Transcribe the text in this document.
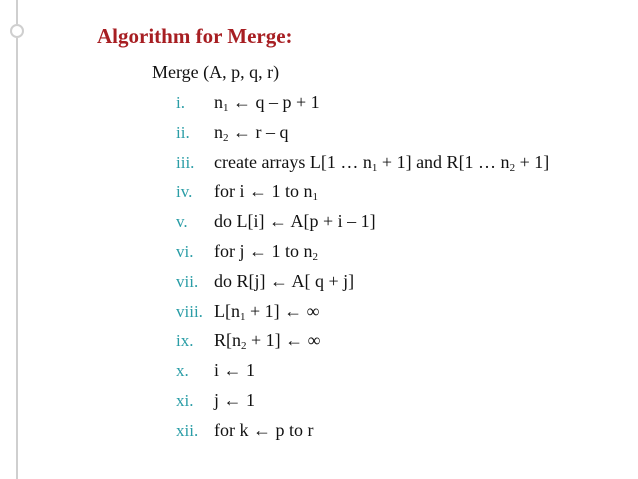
Algorithm for Merge:
Merge (A, p, q, r)
i.	$n_1$ ← q – p + 1
ii.	$n_2$ ← r – q
iii.	create arrays L[1 … $n_1 + 1$] and R[1 … $n_2 + 1$]
iv.	for i ← 1 to $n_1$
v.	do L[i] ← A[p + i – 1]
vi.	for j ← 1 to $n_2$
vii. do R[j] ← A[ q + j]
viii. $L[n_1 + 1]$ ← ∞
ix.	$R[n_2 + 1]$ ← ∞
x.	i ← 1
xi.	j ← 1
xii. for k ← p to r
